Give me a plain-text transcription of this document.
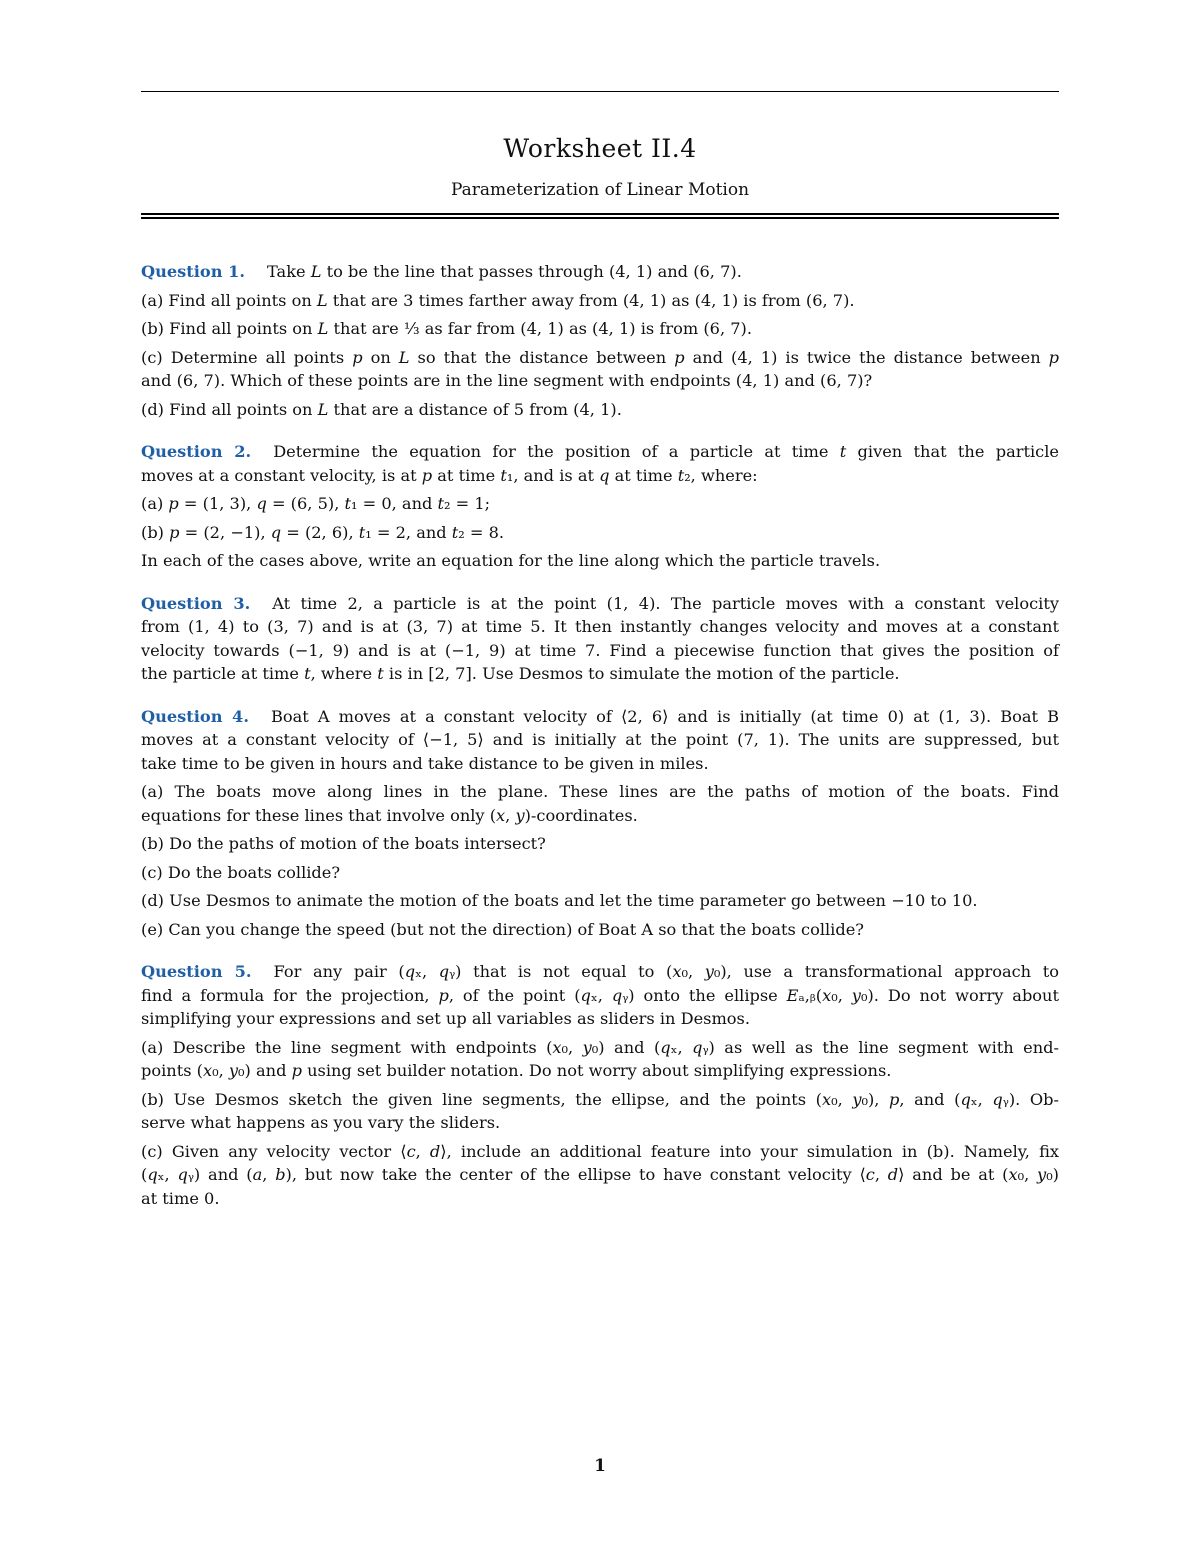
Worksheet II.4
Parameterization of Linear Motion
Question 1. Take 𝐿 to be the line that passes through (4, 1) and (6, 7).
(a) Find all points on 𝐿 that are 3 times farther away from (4, 1) as (4, 1) is from (6, 7).
(b) Find all points on 𝐿 that are ⅓ as far from (4, 1) as (4, 1) is from (6, 7).
(c) Determine all points 𝑝 on 𝐿 so that the distance between 𝑝 and (4, 1) is twice the distance between 𝑝
and (6, 7). Which of these points are in the line segment with endpoints (4, 1) and (6, 7)?
(d) Find all points on 𝐿 that are a distance of 5 from (4, 1).
Question 2. Determine the equation for the position of a particle at time 𝑡 given that the particle
moves at a constant velocity, is at 𝑝 at time 𝑡₁, and is at 𝑞 at time 𝑡₂, where:
(a) 𝑝 = (1, 3), 𝑞 = (6, 5), 𝑡₁ = 0, and 𝑡₂ = 1;
(b) 𝑝 = (2, −1), 𝑞 = (2, 6), 𝑡₁ = 2, and 𝑡₂ = 8.
In each of the cases above, write an equation for the line along which the particle travels.
Question 3. At time 2, a particle is at the point (1, 4). The particle moves with a constant velocity
from (1, 4) to (3, 7) and is at (3, 7) at time 5. It then instantly changes velocity and moves at a constant
velocity towards (−1, 9) and is at (−1, 9) at time 7. Find a piecewise function that gives the position of
the particle at time 𝑡, where 𝑡 is in [2, 7]. Use Desmos to simulate the motion of the particle.
Question 4. Boat A moves at a constant velocity of ⟨2, 6⟩ and is initially (at time 0) at (1, 3). Boat B
moves at a constant velocity of ⟨−1, 5⟩ and is initially at the point (7, 1). The units are suppressed, but
take time to be given in hours and take distance to be given in miles.
(a) The boats move along lines in the plane. These lines are the paths of motion of the boats. Find
equations for these lines that involve only (𝑥, 𝑦)-coordinates.
(b) Do the paths of motion of the boats intersect?
(c) Do the boats collide?
(d) Use Desmos to animate the motion of the boats and let the time parameter go between −10 to 10.
(e) Can you change the speed (but not the direction) of Boat A so that the boats collide?
Question 5. For any pair (𝑞ₓ, 𝑞ᵧ) that is not equal to (𝑥₀, 𝑦₀), use a transformational approach to
find a formula for the projection, 𝑝, of the point (𝑞ₓ, 𝑞ᵧ) onto the ellipse 𝐸ₐ,ᵦ(𝑥₀, 𝑦₀). Do not worry about
simplifying your expressions and set up all variables as sliders in Desmos.
(a) Describe the line segment with endpoints (𝑥₀, 𝑦₀) and (𝑞ₓ, 𝑞ᵧ) as well as the line segment with end-
points (𝑥₀, 𝑦₀) and 𝑝 using set builder notation. Do not worry about simplifying expressions.
(b) Use Desmos sketch the given line segments, the ellipse, and the points (𝑥₀, 𝑦₀), 𝑝, and (𝑞ₓ, 𝑞ᵧ). Ob-
serve what happens as you vary the sliders.
(c) Given any velocity vector ⟨𝑐, 𝑑⟩, include an additional feature into your simulation in (b). Namely, fix
(𝑞ₓ, 𝑞ᵧ) and (𝑎, 𝑏), but now take the center of the ellipse to have constant velocity ⟨𝑐, 𝑑⟩ and be at (𝑥₀, 𝑦₀)
at time 0.
1
